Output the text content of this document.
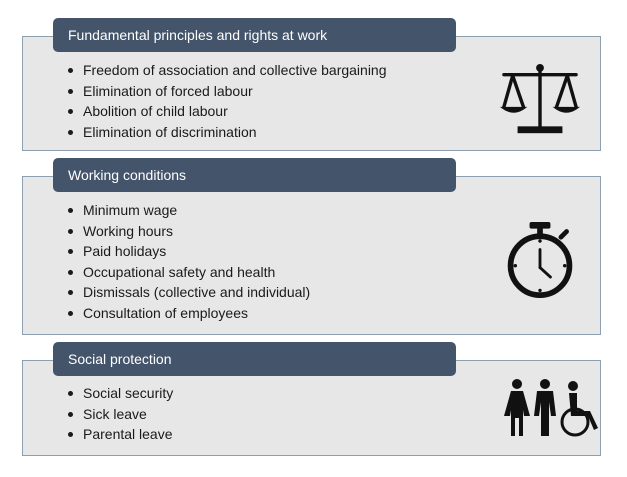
Fundamental principles and rights at work
Freedom of association and collective bargaining
Elimination of forced labour
Abolition of child labour
Elimination of discrimination
Working conditions
Minimum wage
Working hours
Paid holidays
Occupational safety and health
Dismissals (collective and individual)
Consultation of employees
Social protection
Social security
Sick leave
Parental leave
